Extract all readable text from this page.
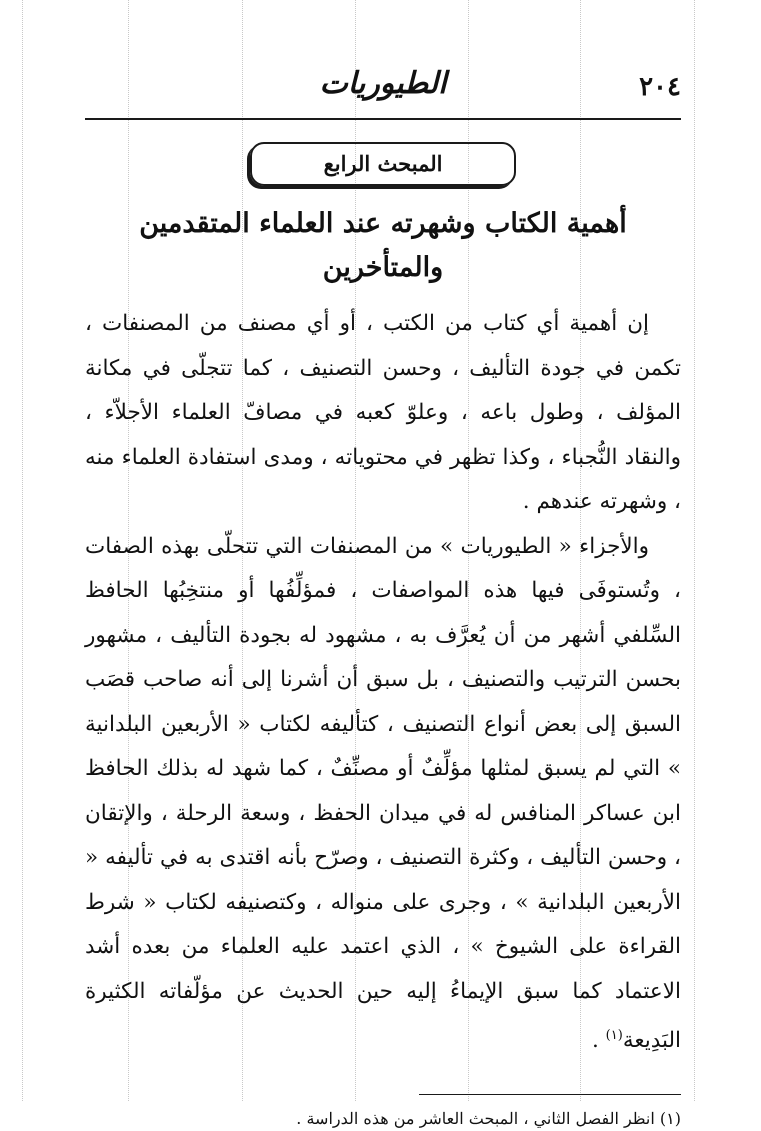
٢٠٤
الطيوريات
المبحث الرابع
أهمية الكتاب وشهرته عند العلماء المتقدمين والمتأخرين

إن أهمية أي كتاب من الكتب ، أو أي مصنف من المصنفات ، تكمن في جودة التأليف ، وحسن التصنيف ، كما تتجلّى في مكانة المؤلف ، وطول باعه ، وعلوّ كعبه في مصافّ العلماء الأجلاّء ، والنقاد النُّجباء ، وكذا تظهر في محتوياته ، ومدى استفادة العلماء منه ، وشهرته عندهم .

والأجزاء « الطيوريات » من المصنفات التي تتحلّى بهذه الصفات ، وتُستوفَى فيها هذه المواصفات ، فمؤلِّفُها أو منتخِبُها الحافظ السِّلفي أشهر من أن يُعرَّف به ، مشهود له بجودة التأليف ، مشهور بحسن الترتيب والتصنيف ، بل سبق أن أشرنا إلى أنه صاحب قصَب السبق إلى بعض أنواع التصنيف ، كتأليفه لكتاب « الأربعين البلدانية » التي لم يسبق لمثلها مؤلِّفٌ أو مصنِّفٌ ، كما شهد له بذلك الحافظ ابن عساكر المنافس له في ميدان الحفظ ، وسعة الرحلة ، والإتقان ، وحسن التأليف ، وكثرة التصنيف ، وصرّح بأنه اقتدى به في تأليفه « الأربعين البلدانية » ، وجرى على منواله ، وكتصنيفه لكتاب « شرط القراءة على الشيوخ » ، الذي اعتمد عليه العلماء من بعده أشد الاعتماد كما سبق الإيماءُ إليه حين الحديث عن مؤلّفاته الكثيرة البَدِيعة$^{(١)}$ .

(١) انظر الفصل الثاني ، المبحث العاشر من هذه الدراسة .
